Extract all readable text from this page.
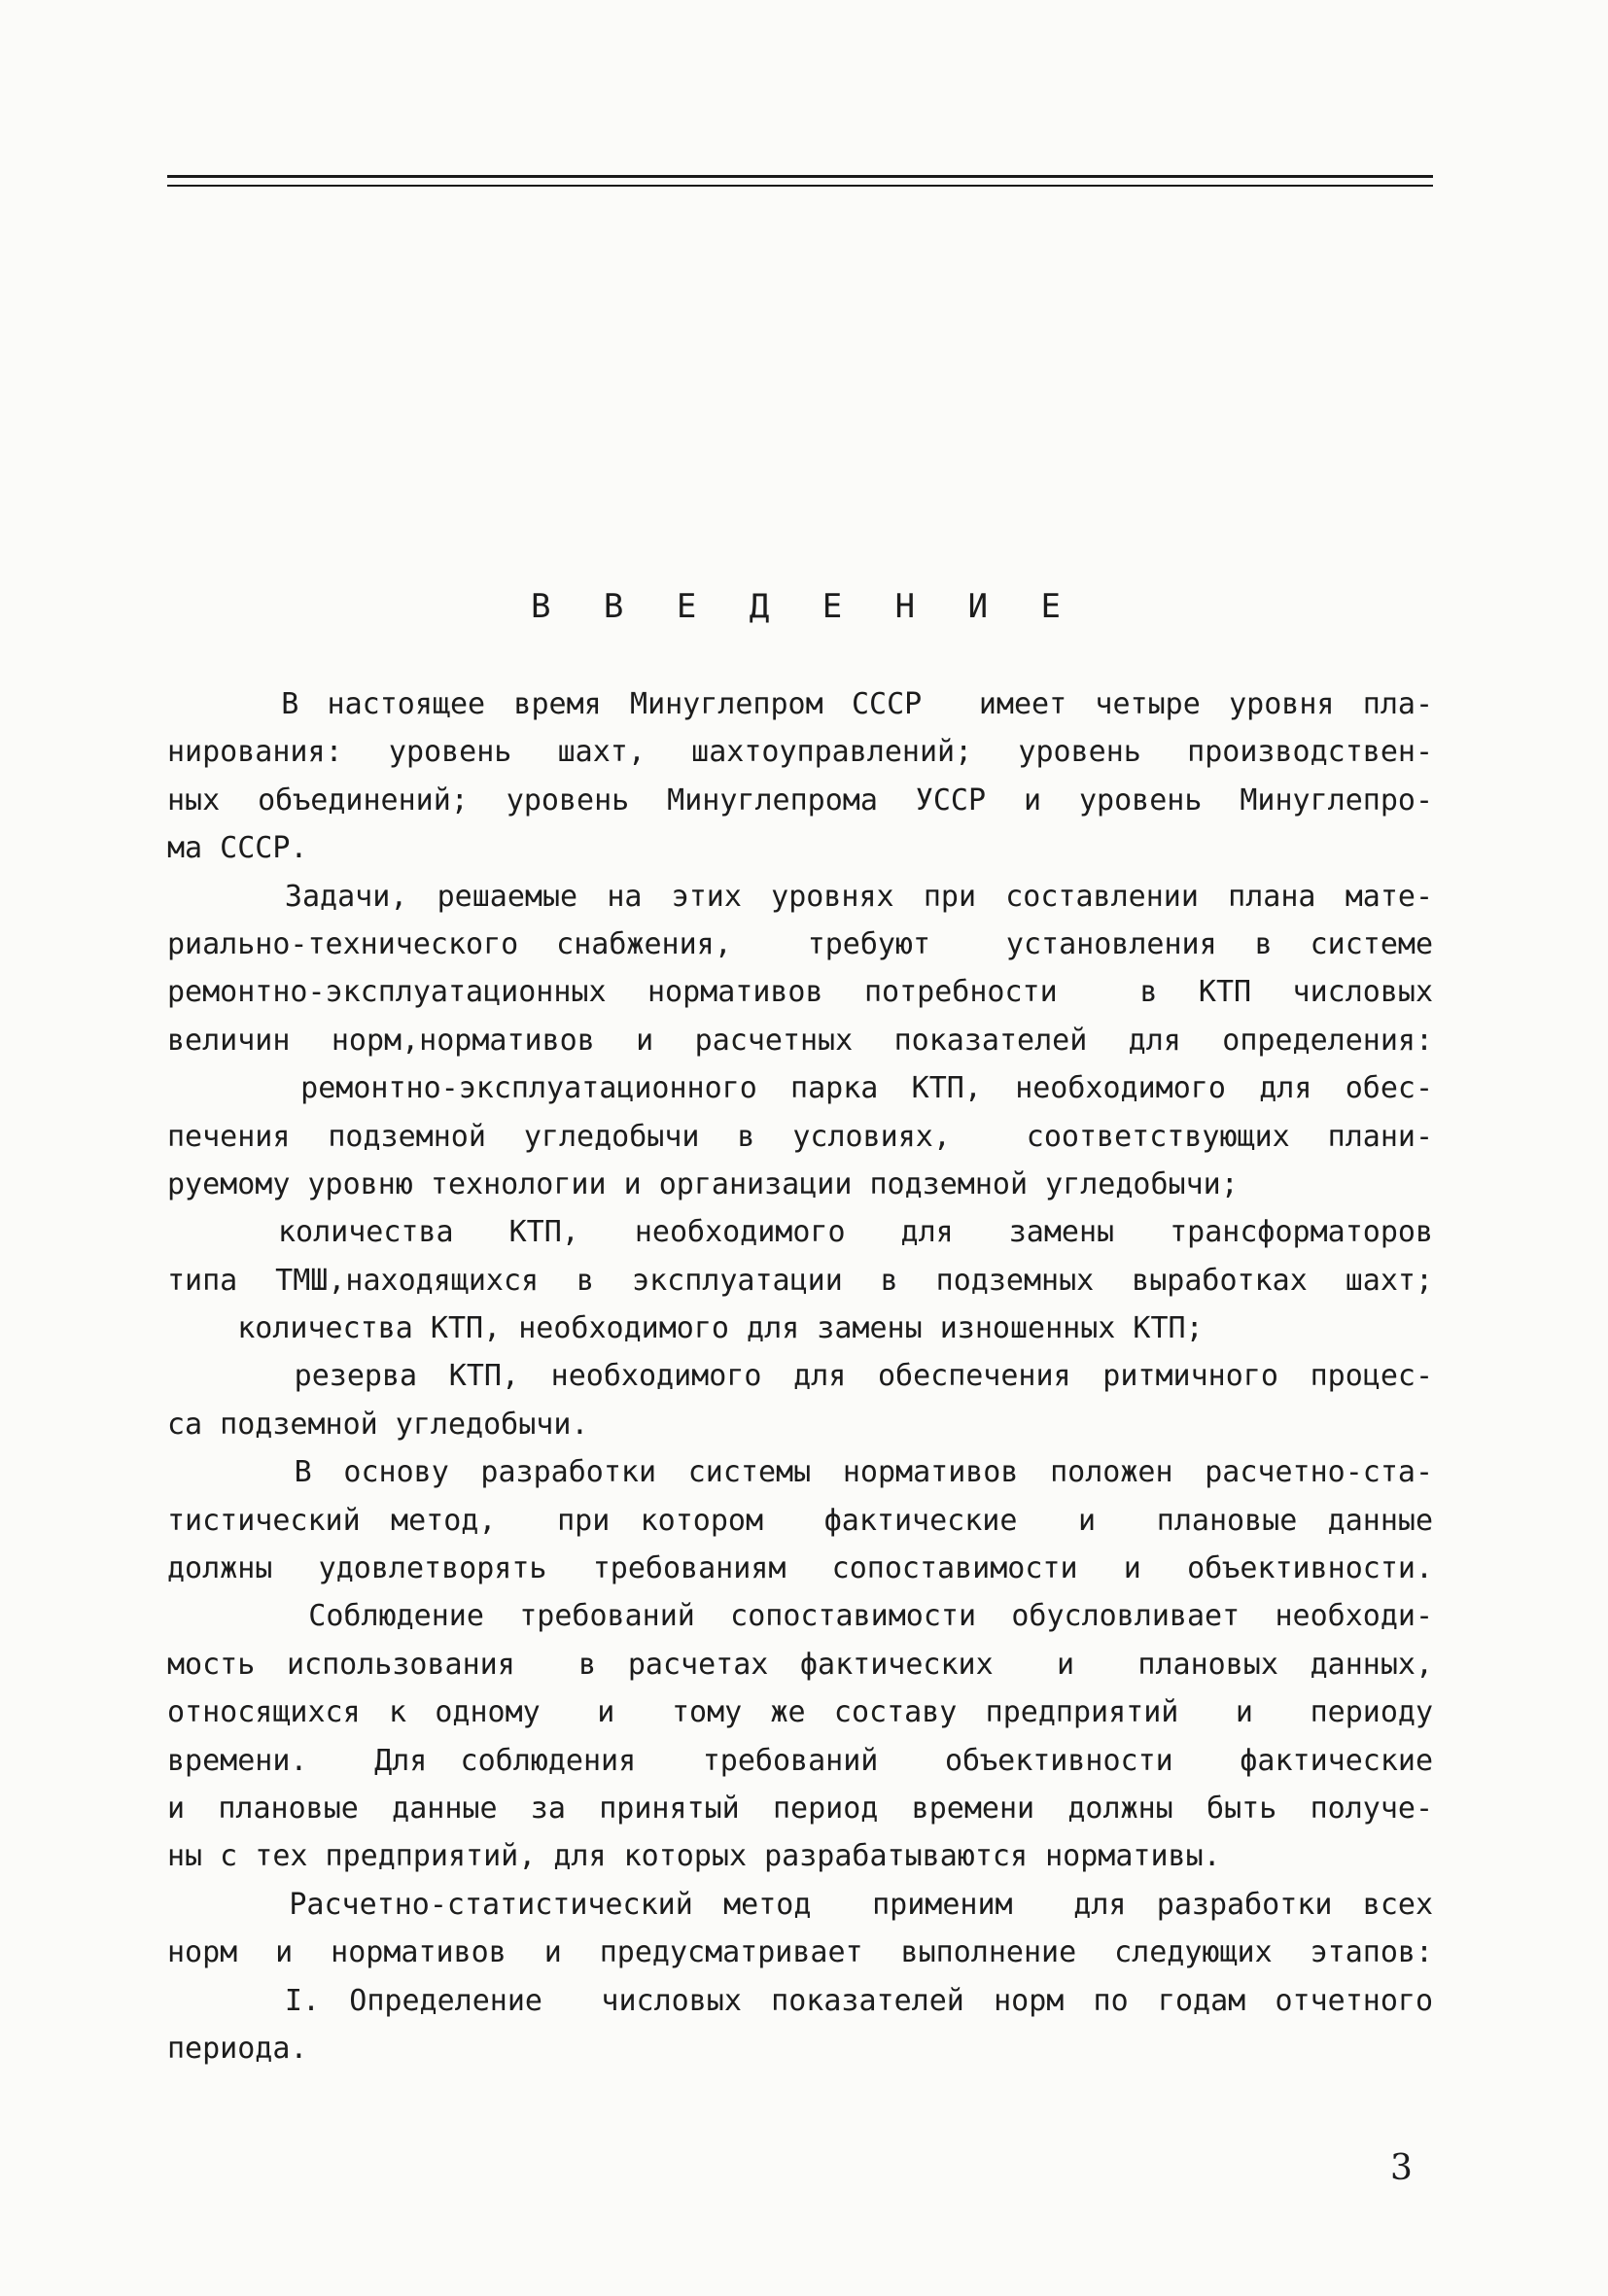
В В Е Д Е Н И Е
В настоящее время Минуглепром СССР  имеет четыре уровня пла-
нирования: уровень шахт, шахтоуправлений; уровень производствен-
ных объединений; уровень Минуглепрома УССР и уровень Минуглепро-
ма СССР.
Задачи, решаемые на этих уровнях при составлении плана мате-
риально-технического снабжения,  требуют  установления в системе
ремонтно-эксплуатационных нормативов потребности  в КТП числовых
величин норм,нормативов и расчетных показателей для определения:
ремонтно-эксплуатационного парка КТП, необходимого для обес-
печения подземной угледобычи в условиях,  соответствующих плани-
руемому уровню технологии и организации подземной угледобычи;
количества  КТП,  необходимого  для  замены  трансформаторов
типа ТМШ,находящихся в эксплуатации в подземных выработках шахт;
количества КТП, необходимого для замены изношенных КТП;
резерва КТП, необходимого для обеспечения ритмичного процес-
са подземной угледобычи.
В основу разработки системы нормативов положен расчетно-ста-
тистический метод,  при котором  фактические  и  плановые данные
должны удовлетворять требованиям сопоставимости и объективности.
Соблюдение требований сопоставимости обусловливает необходи-
мость использования  в расчетах фактических  и  плановых данных,
относящихся к одному  и  тому же составу предприятий  и  периоду
времени.  Для соблюдения  требований  объективности  фактические
и плановые данные за принятый период времени должны быть получе-
ны с тех предприятий, для которых разрабатываются нормативы.
Расчетно-статистический метод  применим  для разработки всех
норм и нормативов и предусматривает выполнение следующих этапов:
I. Определение  числовых показателей норм по годам отчетного
периода.
3
